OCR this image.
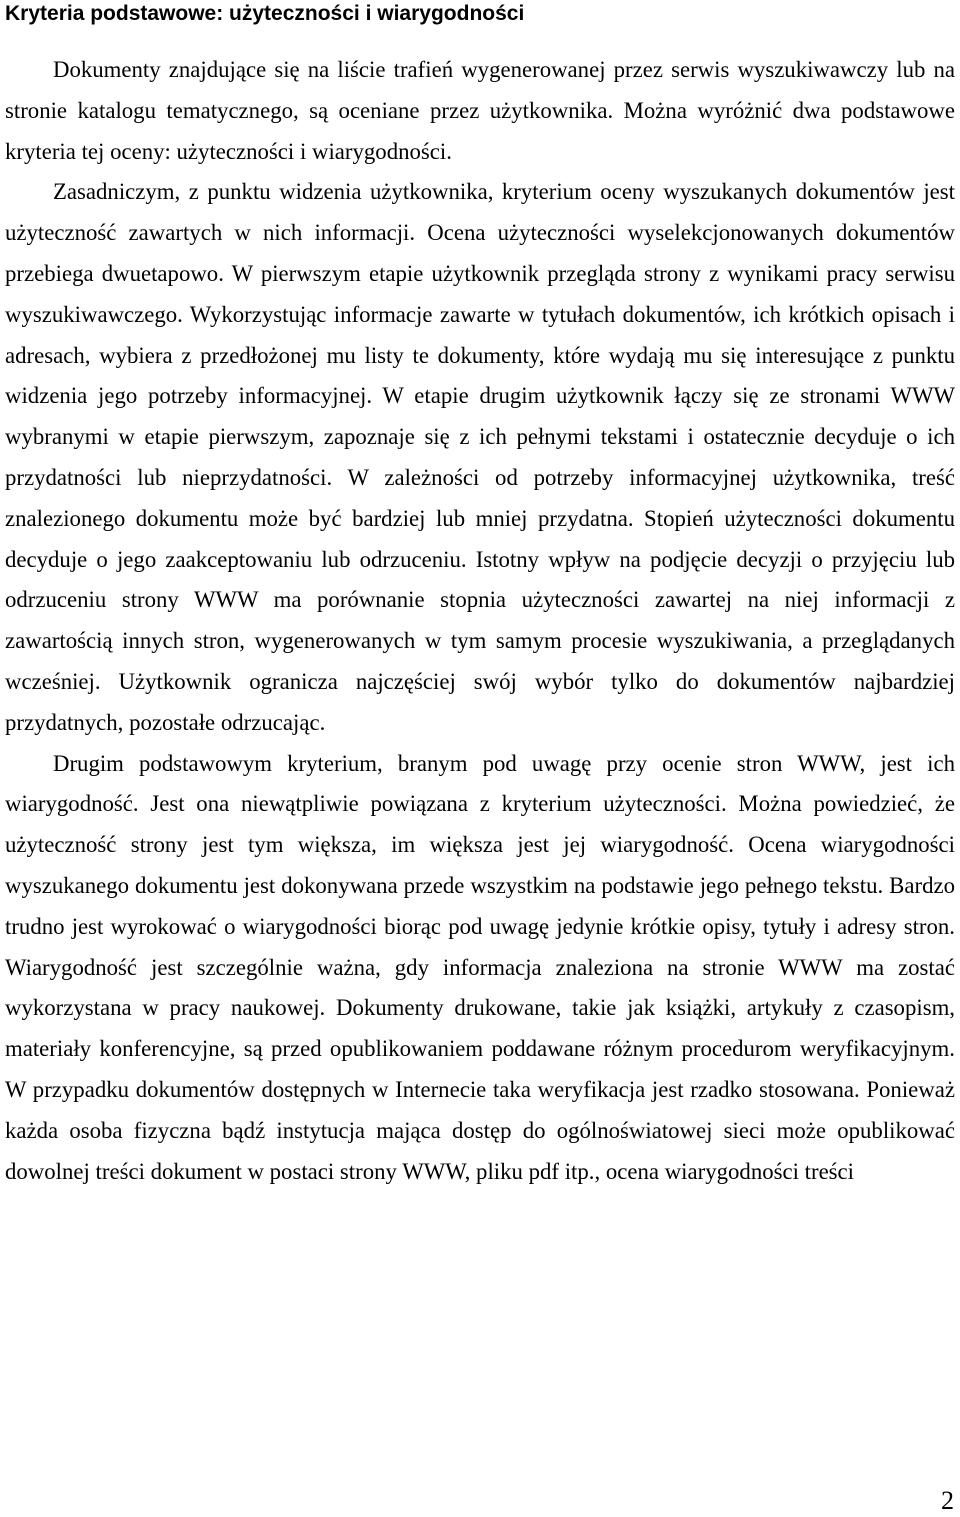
Kryteria podstawowe: użyteczności i wiarygodności

Dokumenty znajdujące się na liście trafień wygenerowanej przez serwis wyszukiwawczy lub na stronie katalogu tematycznego, są oceniane przez użytkownika. Można wyróżnić dwa podstawowe kryteria tej oceny: użyteczności i wiarygodności.

Zasadniczym, z punktu widzenia użytkownika, kryterium oceny wyszukanych dokumentów jest użyteczność zawartych w nich informacji. Ocena użyteczności wyselekcjonowanych dokumentów przebiega dwuetapowo. W pierwszym etapie użytkownik przegląda strony z wynikami pracy serwisu wyszukiwawczego. Wykorzystując informacje zawarte w tytułach dokumentów, ich krótkich opisach i adresach, wybiera z przedłożonej mu listy te dokumenty, które wydają mu się interesujące z punktu widzenia jego potrzeby informacyjnej. W etapie drugim użytkownik łączy się ze stronami WWW wybranymi w etapie pierwszym, zapoznaje się z ich pełnymi tekstami i ostatecznie decyduje o ich przydatności lub nieprzydatności. W zależności od potrzeby informacyjnej użytkownika, treść znalezionego dokumentu może być bardziej lub mniej przydatna. Stopień użyteczności dokumentu decyduje o jego zaakceptowaniu lub odrzuceniu. Istotny wpływ na podjęcie decyzji o przyjęciu lub odrzuceniu strony WWW ma porównanie stopnia użyteczności zawartej na niej informacji z zawartością innych stron, wygenerowanych w tym samym procesie wyszukiwania, a przeglądanych wcześniej. Użytkownik ogranicza najczęściej swój wybór tylko do dokumentów najbardziej przydatnych, pozostałe odrzucając.

Drugim podstawowym kryterium, branym pod uwagę przy ocenie stron WWW, jest ich wiarygodność. Jest ona niewątpliwie powiązana z kryterium użyteczności. Można powiedzieć, że użyteczność strony jest tym większa, im większa jest jej wiarygodność. Ocena wiarygodności wyszukanego dokumentu jest dokonywana przede wszystkim na podstawie jego pełnego tekstu. Bardzo trudno jest wyrokować o wiarygodności biorąc pod uwagę jedynie krótkie opisy, tytuły i adresy stron. Wiarygodność jest szczególnie ważna, gdy informacja znaleziona na stronie WWW ma zostać wykorzystana w pracy naukowej. Dokumenty drukowane, takie jak książki, artykuły z czasopism, materiały konferencyjne, są przed opublikowaniem poddawane różnym procedurom weryfikacyjnym. W przypadku dokumentów dostępnych w Internecie taka weryfikacja jest rzadko stosowana. Ponieważ każda osoba fizyczna bądź instytucja mająca dostęp do ogólnoświatowej sieci może opublikować dowolnej treści dokument w postaci strony WWW, pliku pdf itp., ocena wiarygodności treści

2
